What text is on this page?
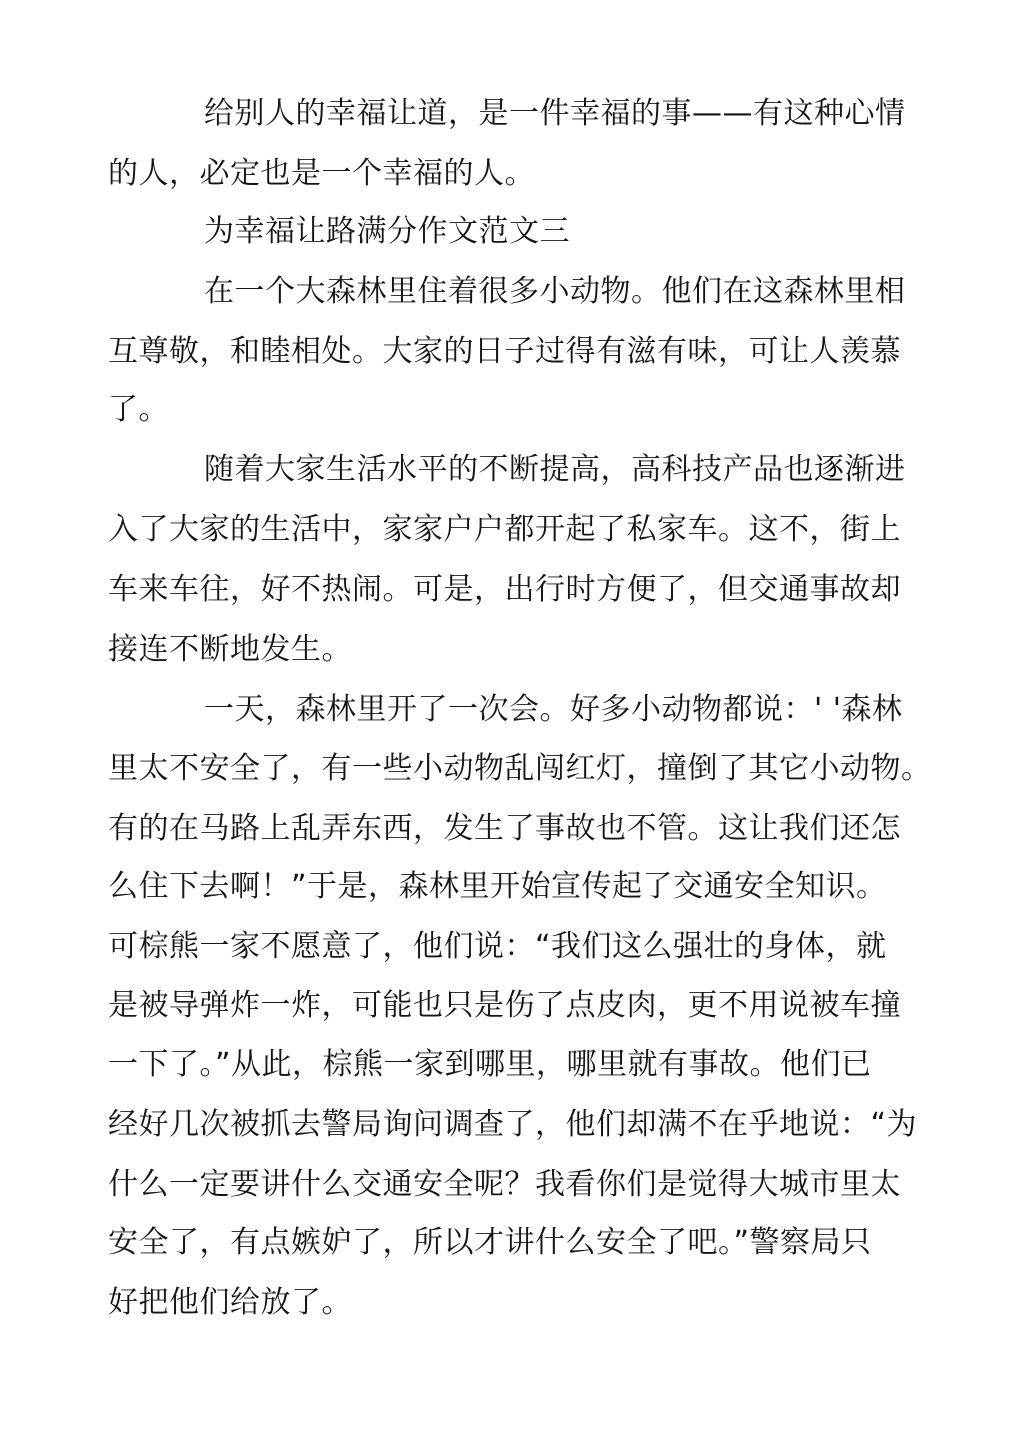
给别人的幸福让道，是一件幸福的事——有这种心情
的人，必定也是一个幸福的人。
为幸福让路满分作文范文三
在一个大森林里住着很多小动物。他们在这森林里相
互尊敬，和睦相处。大家的日子过得有滋有味，可让人羡慕
了。
随着大家生活水平的不断提高，高科技产品也逐渐进
入了大家的生活中，家家户户都开起了私家车。这不，街上
车来车往，好不热闹。可是，出行时方便了，但交通事故却
接连不断地发生。
一天，森林里开了一次会。好多小动物都说：' '森林
里太不安全了，有一些小动物乱闯红灯，撞倒了其它小动物。
有的在马路上乱弄东西，发生了事故也不管。这让我们还怎
么住下去啊！”于是，森林里开始宣传起了交通安全知识。
可棕熊一家不愿意了，他们说：“我们这么强壮的身体，就
是被导弹炸一炸，可能也只是伤了点皮肉，更不用说被车撞
一下了。”从此，棕熊一家到哪里，哪里就有事故。他们已
经好几次被抓去警局询问调查了，他们却满不在乎地说：“为
什么一定要讲什么交通安全呢？我看你们是觉得大城市里太
安全了，有点嫉妒了，所以才讲什么安全了吧。”警察局只
好把他们给放了。
